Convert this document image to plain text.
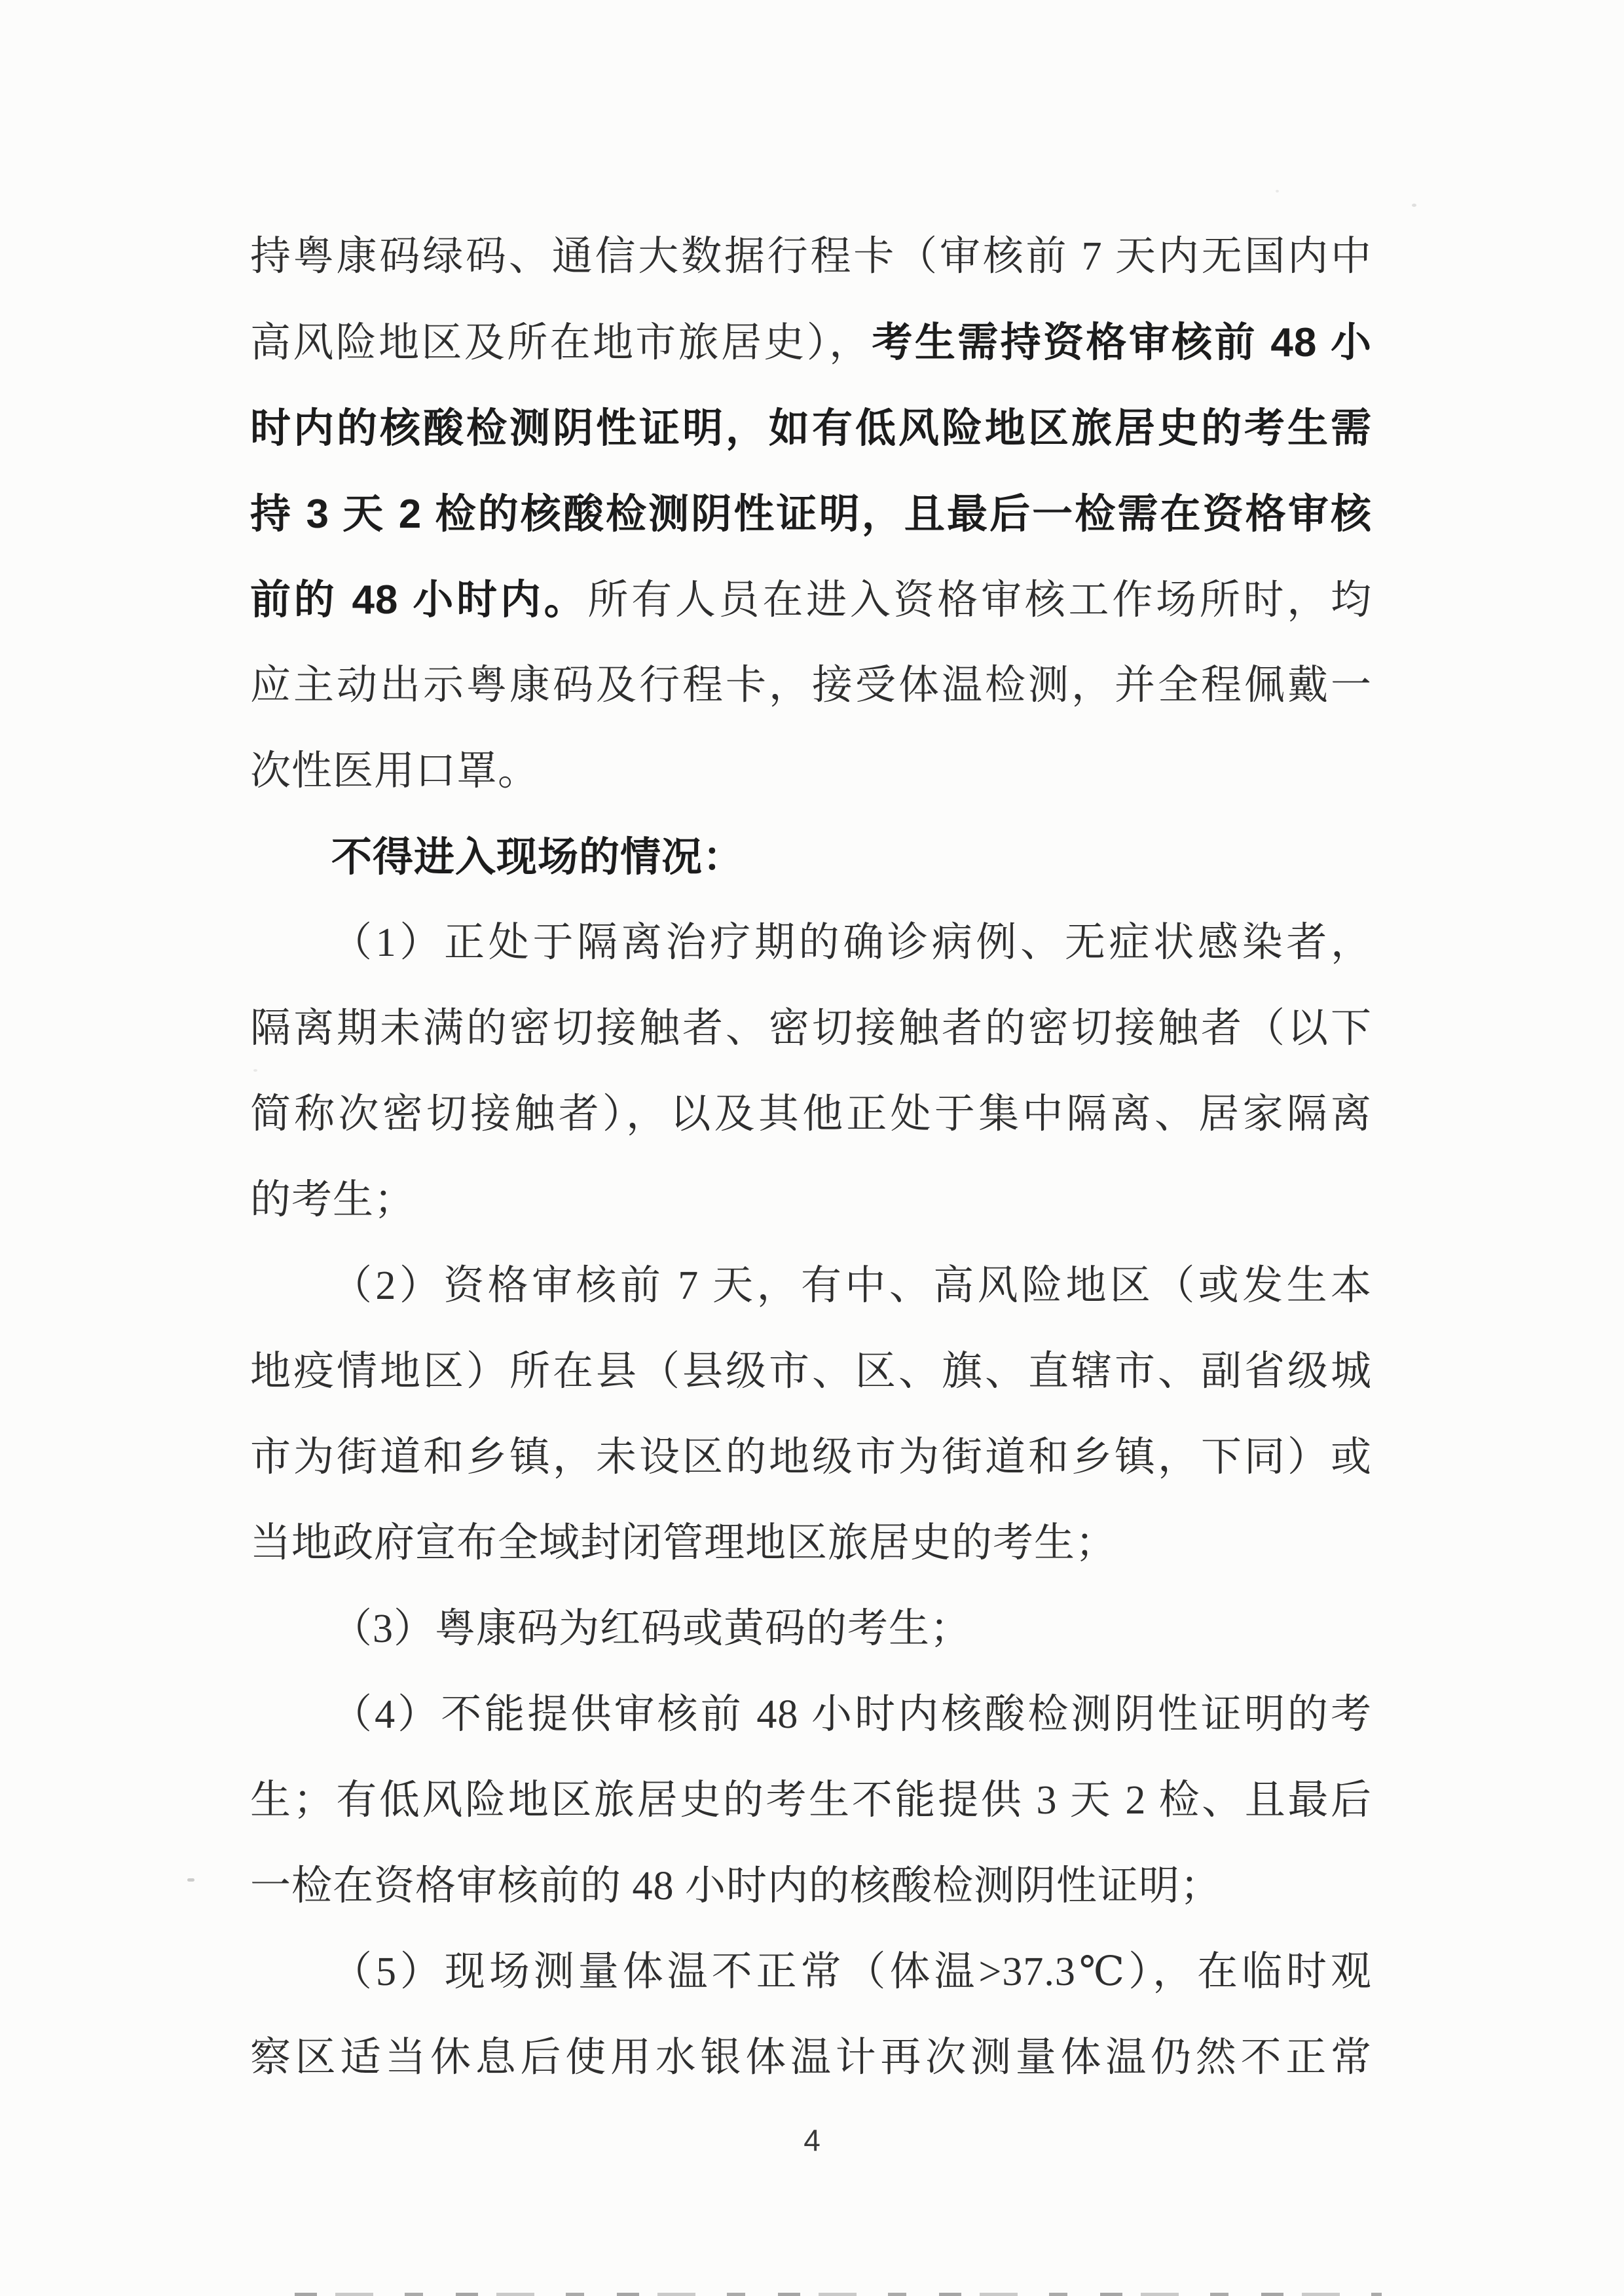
持粤康码绿码、通信大数据行程卡（审核前 7 天内无国内中
高风险地区及所在地市旅居史），考生需持资格审核前 48 小
时内的核酸检测阴性证明，如有低风险地区旅居史的考生需
持 3 天 2 检的核酸检测阴性证明，且最后一检需在资格审核
前的 48 小时内。所有人员在进入资格审核工作场所时，均
应主动出示粤康码及行程卡，接受体温检测，并全程佩戴一
次性医用口罩。
不得进入现场的情况：
（1）正处于隔离治疗期的确诊病例、无症状感染者，
隔离期未满的密切接触者、密切接触者的密切接触者（以下
简称次密切接触者），以及其他正处于集中隔离、居家隔离
的考生；
（2）资格审核前 7 天，有中、高风险地区（或发生本
地疫情地区）所在县（县级市、区、旗、直辖市、副省级城
市为街道和乡镇，未设区的地级市为街道和乡镇，下同）或
当地政府宣布全域封闭管理地区旅居史的考生；
（3）粤康码为红码或黄码的考生；
（4）不能提供审核前 48 小时内核酸检测阴性证明的考
生；有低风险地区旅居史的考生不能提供 3 天 2 检、且最后
一检在资格审核前的 48 小时内的核酸检测阴性证明；
（5）现场测量体温不正常（体温>37.3℃），在临时观
察区适当休息后使用水银体温计再次测量体温仍然不正常
4
